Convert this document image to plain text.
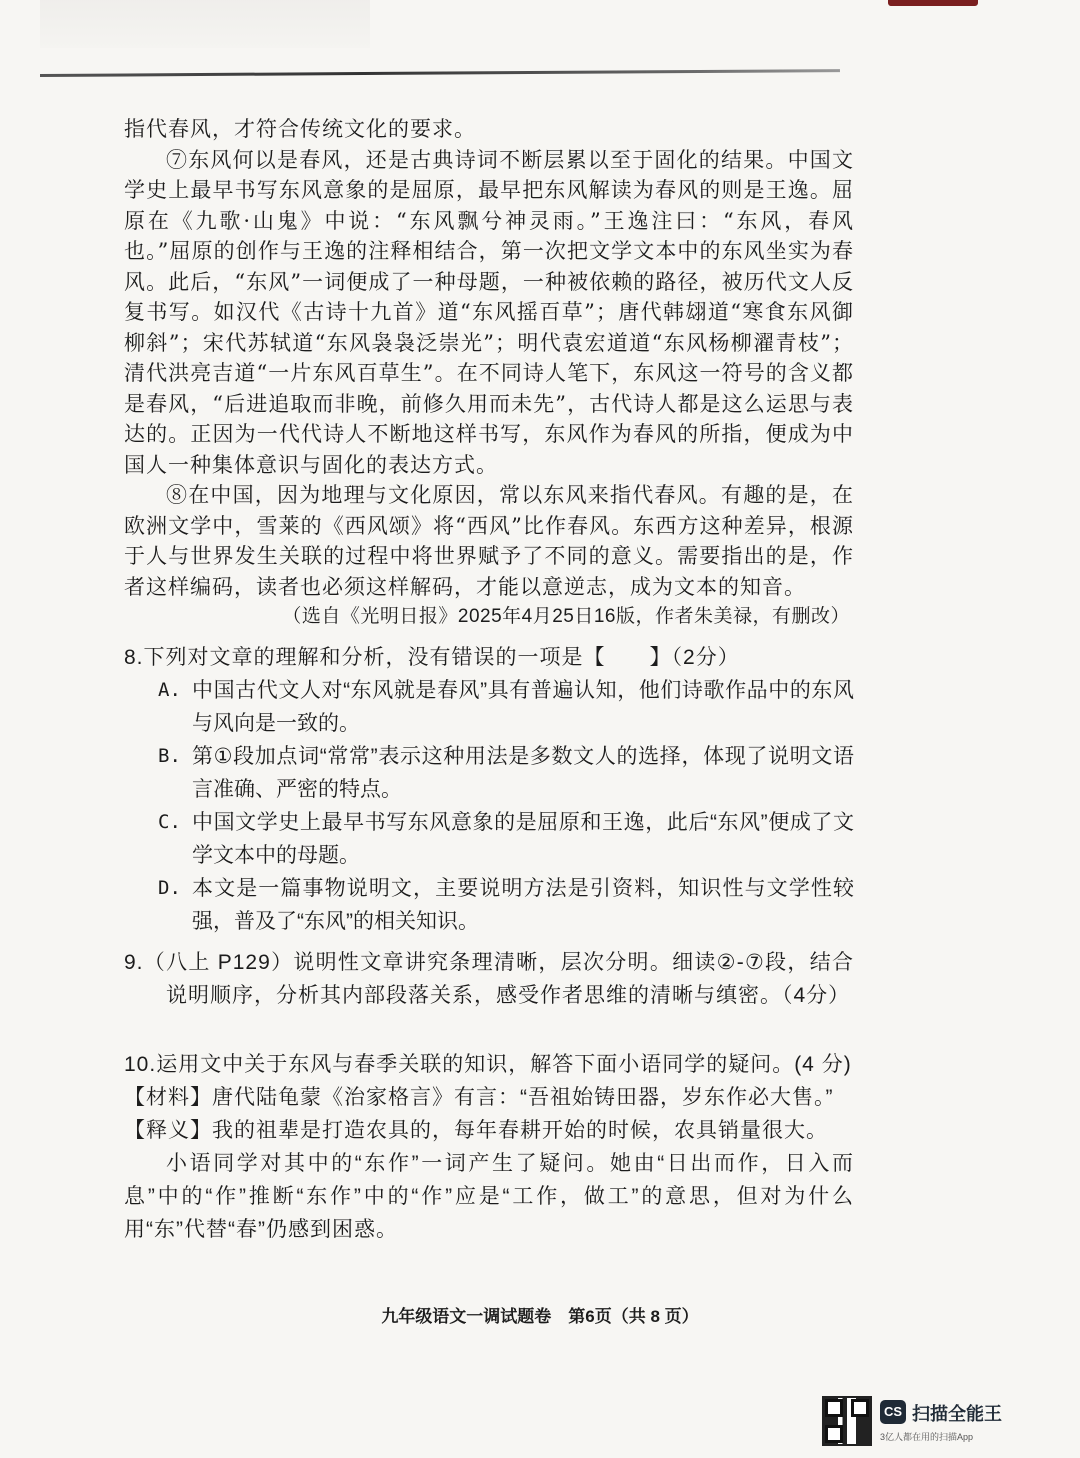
指代春风，才符合传统文化的要求。

⑦东风何以是春风，还是古典诗词不断层累以至于固化的结果。中国文学史上最早书写东风意象的是屈原，最早把东风解读为春风的则是王逸。屈原在《九歌·山鬼》中说：“东风飘兮神灵雨。”王逸注曰：“东风，春风也。”屈原的创作与王逸的注释相结合，第一次把文学文本中的东风坐实为春风。此后，“东风”一词便成了一种母题，一种被依赖的路径，被历代文人反复书写。如汉代《古诗十九首》道“东风摇百草”；唐代韩翃道“寒食东风御柳斜”；宋代苏轼道“东风袅袅泛崇光”；明代袁宏道道“东风杨柳濯青枝”；清代洪亮吉道“一片东风百草生”。在不同诗人笔下，东风这一符号的含义都是春风，“后进追取而非晚，前修久用而未先”，古代诗人都是这么运思与表达的。正因为一代代诗人不断地这样书写，东风作为春风的所指，便成为中国人一种集体意识与固化的表达方式。

⑧在中国，因为地理与文化原因，常以东风来指代春风。有趣的是，在欧洲文学中，雪莱的《西风颂》将“西风”比作春风。东西方这种差异，根源于人与世界发生关联的过程中将世界赋予了不同的意义。需要指出的是，作者这样编码，读者也必须这样解码，才能以意逆志，成为文本的知音。

（选自《光明日报》2025年4月25日16版，作者朱美禄，有删改）

8.下列对文章的理解和分析，没有错误的一项是【　　】（2分）

A. 中国古代文人对“东风就是春风”具有普遍认知，他们诗歌作品中的东风与风向是一致的。
B. 第①段加点词“常常”表示这种用法是多数文人的选择，体现了说明文语言准确、严密的特点。
C. 中国文学史上最早书写东风意象的是屈原和王逸，此后“东风”便成了文学文本中的母题。
D. 本文是一篇事物说明文，主要说明方法是引资料，知识性与文学性较强，普及了“东风”的相关知识。

9.（八上 P129）说明性文章讲究条理清晰，层次分明。细读②-⑦段，结合说明顺序，分析其内部段落关系，感受作者思维的清晰与缜密。（4分）

10.运用文中关于东风与春季关联的知识，解答下面小语同学的疑问。(4 分)

【材料】唐代陆龟蒙《治家格言》有言：“吾祖始铸田器，岁东作必大售。”

【释义】我的祖辈是打造农具的，每年春耕开始的时候，农具销量很大。

小语同学对其中的“东作”一词产生了疑问。她由“日出而作，日入而息”中的“作”推断“东作”中的“作”应是“工作，做工”的意思，但对为什么用“东”代替“春”仍感到困惑。

九年级语文一调试题卷　第6页（共 8 页）
CS 扫描全能王
3亿人都在用的扫描App
